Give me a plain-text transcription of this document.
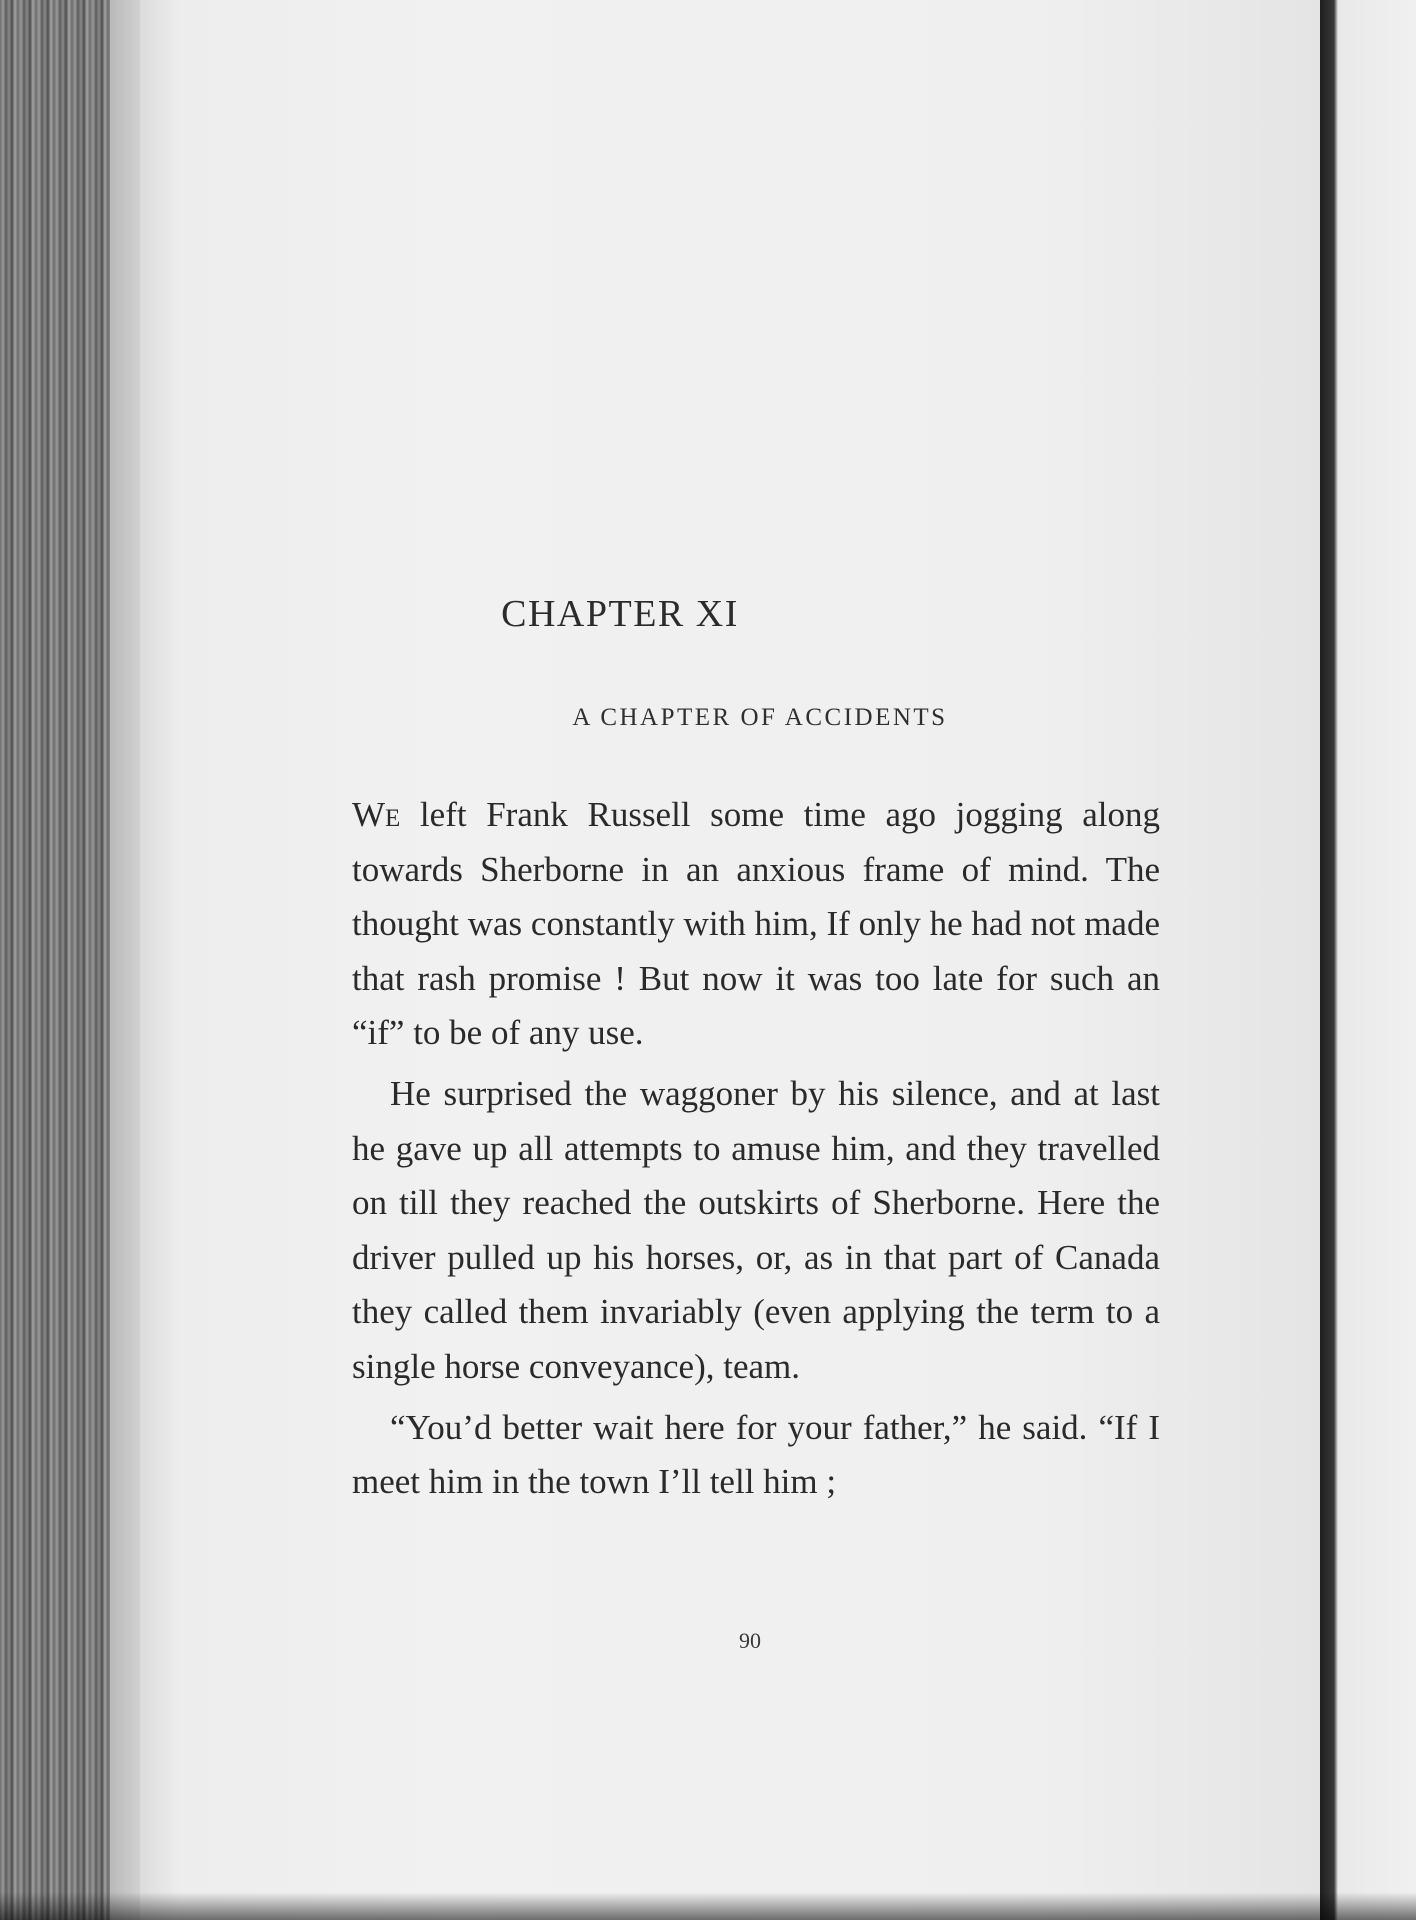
CHAPTER XI
A CHAPTER OF ACCIDENTS

We left Frank Russell some time ago jogging along towards Sherborne in an anxious frame of mind. The thought was constantly with him, If only he had not made that rash promise ! But now it was too late for such an “if” to be of any use.

He surprised the waggoner by his silence, and at last he gave up all attempts to amuse him, and they travelled on till they reached the outskirts of Sherborne. Here the driver pulled up his horses, or, as in that part of Canada they called them invariably (even applying the term to a single horse conveyance), team.

“You’d better wait here for your father,” he said. “If I meet him in the town I’ll tell him ;

90
